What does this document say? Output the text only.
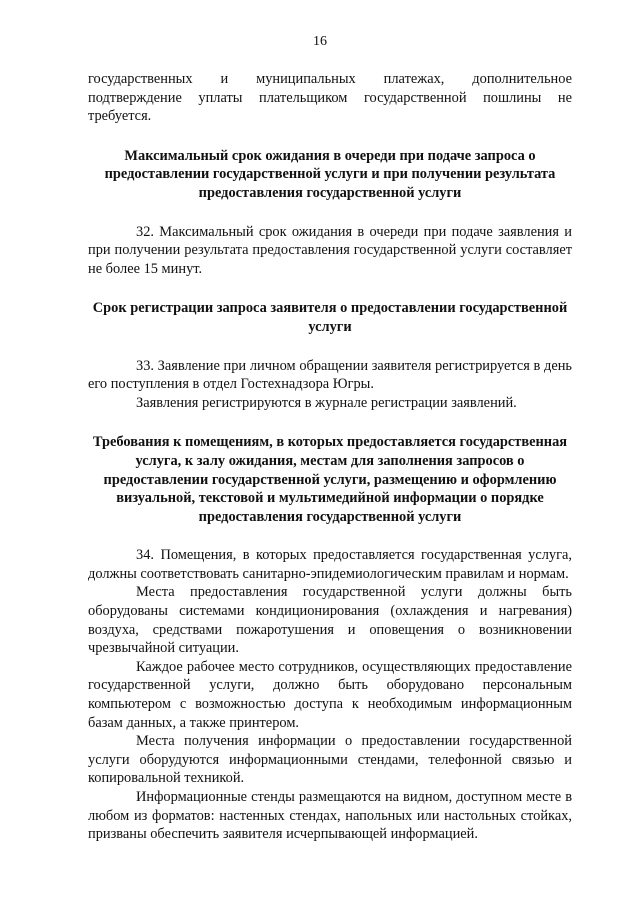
16

государственных и муниципальных платежах, дополнительное подтверждение уплаты плательщиком государственной пошлины не требуется.

Максимальный срок ожидания в очереди при подаче запроса о предоставлении государственной услуги и при получении результата предоставления государственной услуги

32. Максимальный срок ожидания в очереди при подаче заявления и при получении результата предоставления государственной услуги составляет не более 15 минут.

Срок регистрации запроса заявителя о предоставлении государственной услуги

33. Заявление при личном обращении заявителя регистрируется в день его поступления в отдел Гостехнадзора Югры.

Заявления регистрируются в журнале регистрации заявлений.

Требования к помещениям, в которых предоставляется государственная услуга, к залу ожидания, местам для заполнения запросов о предоставлении государственной услуги, размещению и оформлению визуальной, текстовой и мультимедийной информации о порядке предоставления государственной услуги

34. Помещения, в которых предоставляется государственная услуга, должны соответствовать санитарно-эпидемиологическим правилам и нормам.

Места предоставления государственной услуги должны быть оборудованы системами кондиционирования (охлаждения и нагревания) воздуха, средствами пожаротушения и оповещения о возникновении чрезвычайной ситуации.

Каждое рабочее место сотрудников, осуществляющих предоставление государственной услуги, должно быть оборудовано персональным компьютером с возможностью доступа к необходимым информационным базам данных, а также принтером.

Места получения информации о предоставлении государственной услуги оборудуются информационными стендами, телефонной связью и копировальной техникой.

Информационные стенды размещаются на видном, доступном месте в любом из форматов: настенных стендах, напольных или настольных стойках, призваны обеспечить заявителя исчерпывающей информацией.
